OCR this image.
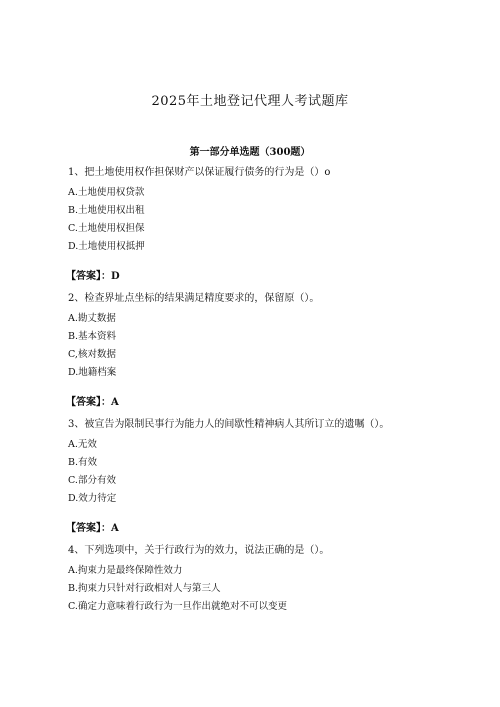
2025年土地登记代理人考试题库
第一部分单选题（300题）
1、把土地使用权作担保财产以保证履行债务的行为是（）o
A.土地使用权贷款
B.土地使用权出租
C.土地使用权担保
D.土地使用权抵押
【答案】：D
2、检查界址点坐标的结果满足精度要求的，保留原（）。
A.勘丈数据
B.基本资料
C,核对数据
D.地籍档案
【答案】：A
3、被宣告为限制民事行为能力人的间歇性精神病人其所订立的遗嘱（）。
A.无效
B.有效
C.部分有效
D.效力待定
【答案】：A
4、下列选项中，关于行政行为的效力，说法正确的是（）。
A.拘束力是最终保障性效力
B.拘束力只针对行政相对人与第三人
C.确定力意味着行政行为一旦作出就绝对不可以变更
